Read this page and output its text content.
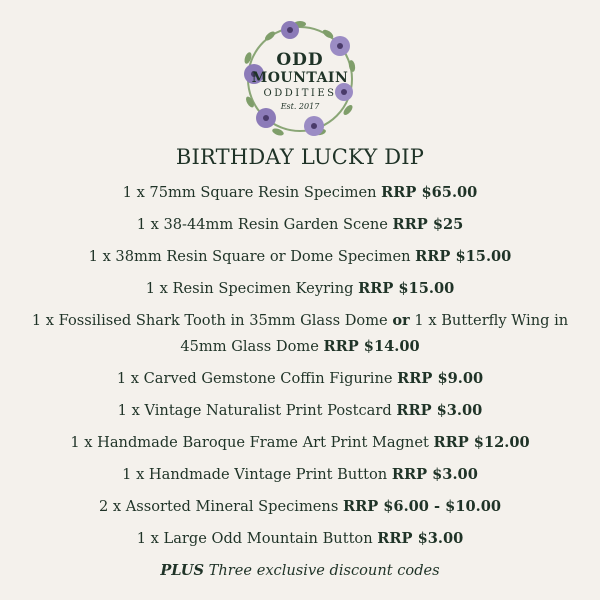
ODD
MOUNTAIN
ODDITIES
Est. 2017
BIRTHDAY LUCKY DIP
1 x 75mm Square Resin Specimen RRP $65.00
1 x 38-44mm Resin Garden Scene RRP $25
1 x 38mm Resin Square or Dome Specimen RRP $15.00
1 x Resin Specimen Keyring RRP $15.00
1 x Fossilised Shark Tooth in 35mm Glass Dome or 1 x Butterfly Wing in 45mm Glass Dome RRP $14.00
1 x Carved Gemstone Coffin Figurine RRP $9.00
1 x Vintage Naturalist Print Postcard RRP $3.00
1 x Handmade Baroque Frame Art Print Magnet RRP $12.00
1 x Handmade Vintage Print Button RRP $3.00
2 x Assorted Mineral Specimens RRP $6.00 - $10.00
1 x Large Odd Mountain Button RRP $3.00
PLUS Three exclusive discount codes
